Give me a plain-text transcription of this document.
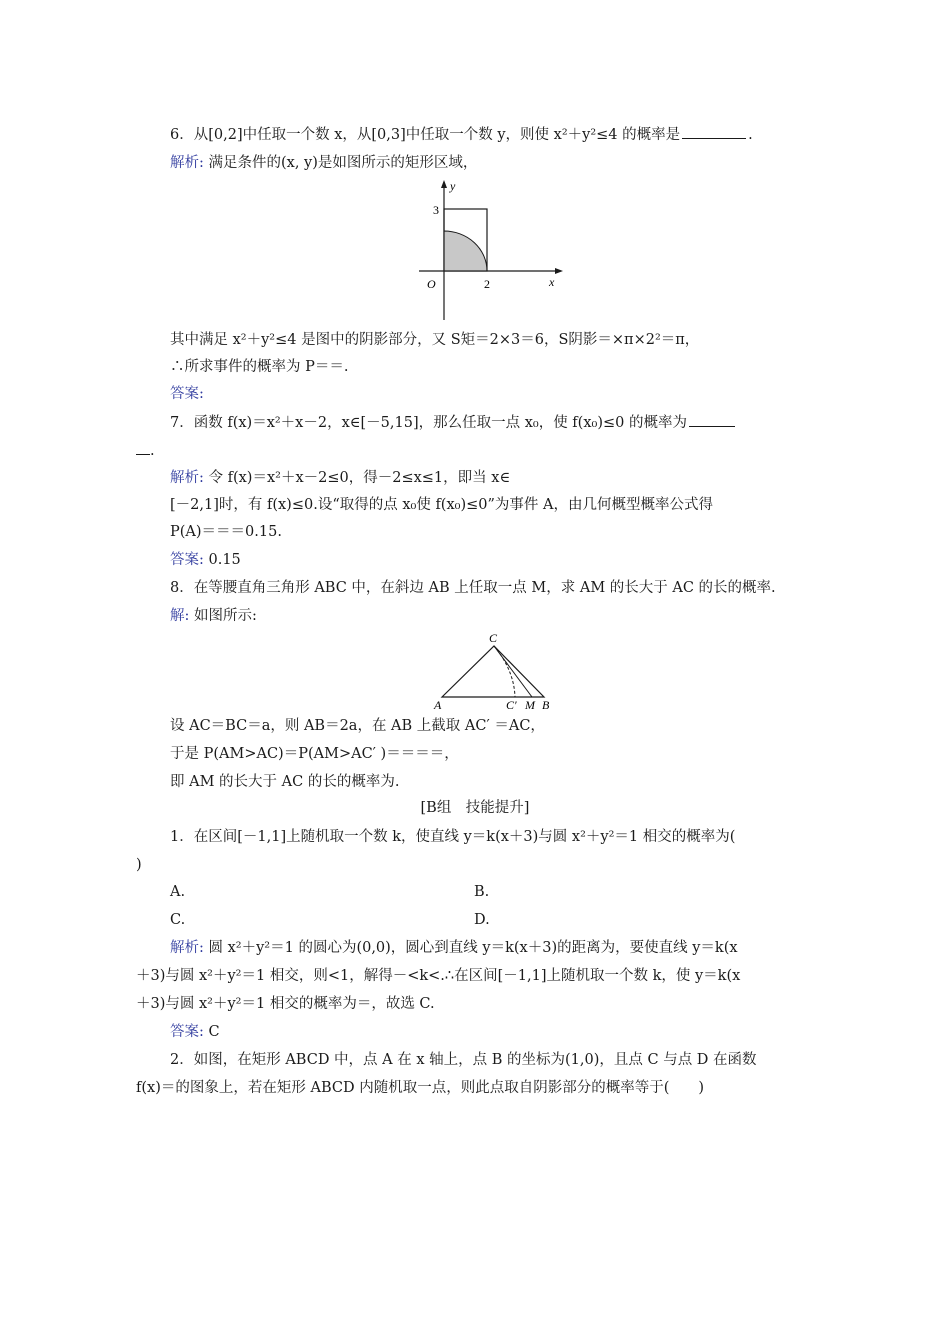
6．从[0,2]中任取一个数 x，从[0,3]中任取一个数 y，则使 x²＋y²≤4 的概率是	.
解析: 满足条件的(x, y)是如图所示的矩形区域，
y
3
O	2	x
其中满足 x²＋y²≤4 是图中的阴影部分，又 S矩＝2×3＝6，S阴影＝×π×2²＝π，
∴所求事件的概率为 P＝＝.
答案:
7．函数 f(x)＝x²＋x－2，x∈[－5,15]，那么任取一点 x₀，使 f(x₀)≤0 的概率为
.
解析: 令 f(x)＝x²＋x－2≤0，得－2≤x≤1，即当 x∈
[－2,1]时，有 f(x)≤0.设“取得的点 x₀使 f(x₀)≤0”为事件 A，由几何概型概率公式得
P(A)＝＝＝0.15.
答案: 0.15
8．在等腰直角三角形 ABC 中，在斜边 AB 上任取一点 M，求 AM 的长大于 AC 的长的概率.
解: 如图所示:
C
A	C′ M B
设 AC＝BC＝a，则 AB＝2a，在 AB 上截取 AC′ ＝AC，
于是 P(AM>AC)＝P(AM>AC′ )＝＝＝＝，
即 AM 的长大于 AC 的长的概率为.
[B组　技能提升]
1．在区间[－1,1]上随机取一个数 k，使直线 y＝k(x＋3)与圆 x²＋y²＝1 相交的概率为(
)
A.	B.
C.	D.
解析: 圆 x²＋y²＝1 的圆心为(0,0)，圆心到直线 y＝k(x＋3)的距离为，要使直线 y＝k(x
＋3)与圆 x²＋y²＝1 相交，则<1，解得－<k<.∴在区间[－1,1]上随机取一个数 k，使 y＝k(x
＋3)与圆 x²＋y²＝1 相交的概率为＝，故选 C.
答案: C
2．如图，在矩形 ABCD 中，点 A 在 x 轴上，点 B 的坐标为(1,0)，且点 C 与点 D 在函数
f(x)＝的图象上，若在矩形 ABCD 内随机取一点，则此点取自阴影部分的概率等于(　　)
